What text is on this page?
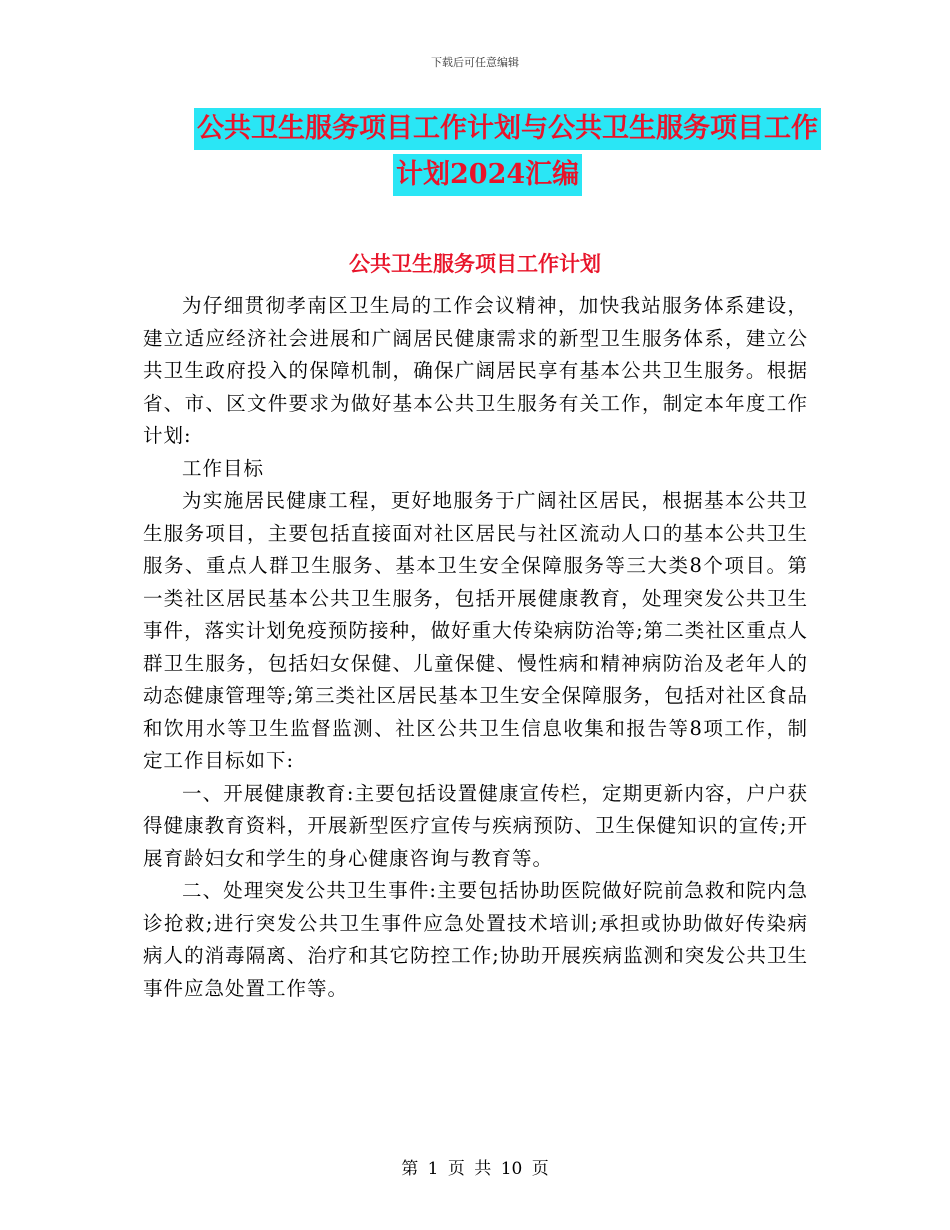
下载后可任意编辑
公共卫生服务项目工作计划与公共卫生服务项目工作
计划2024汇编
公共卫生服务项目工作计划

为仔细贯彻孝南区卫生局的工作会议精神，加快我站服务体系建设，建立适应经济社会进展和广阔居民健康需求的新型卫生服务体系，建立公共卫生政府投入的保障机制，确保广阔居民享有基本公共卫生服务。根据省、市、区文件要求为做好基本公共卫生服务有关工作，制定本年度工作计划:

工作目标

为实施居民健康工程，更好地服务于广阔社区居民，根据基本公共卫生服务项目，主要包括直接面对社区居民与社区流动人口的基本公共卫生服务、重点人群卫生服务、基本卫生安全保障服务等三大类8个项目。第一类社区居民基本公共卫生服务，包括开展健康教育，处理突发公共卫生事件，落实计划免疫预防接种，做好重大传染病防治等;第二类社区重点人群卫生服务，包括妇女保健、儿童保健、慢性病和精神病防治及老年人的动态健康管理等;第三类社区居民基本卫生安全保障服务，包括对社区食品和饮用水等卫生监督监测、社区公共卫生信息收集和报告等8项工作，制定工作目标如下:

一、开展健康教育:主要包括设置健康宣传栏，定期更新内容，户户获得健康教育资料，开展新型医疗宣传与疾病预防、卫生保健知识的宣传;开展育龄妇女和学生的身心健康咨询与教育等。

二、处理突发公共卫生事件:主要包括协助医院做好院前急救和院内急诊抢救;进行突发公共卫生事件应急处置技术培训;承担或协助做好传染病病人的消毒隔离、治疗和其它防控工作;协助开展疾病监测和突发公共卫生事件应急处置工作等。

第 1 页 共 10 页
